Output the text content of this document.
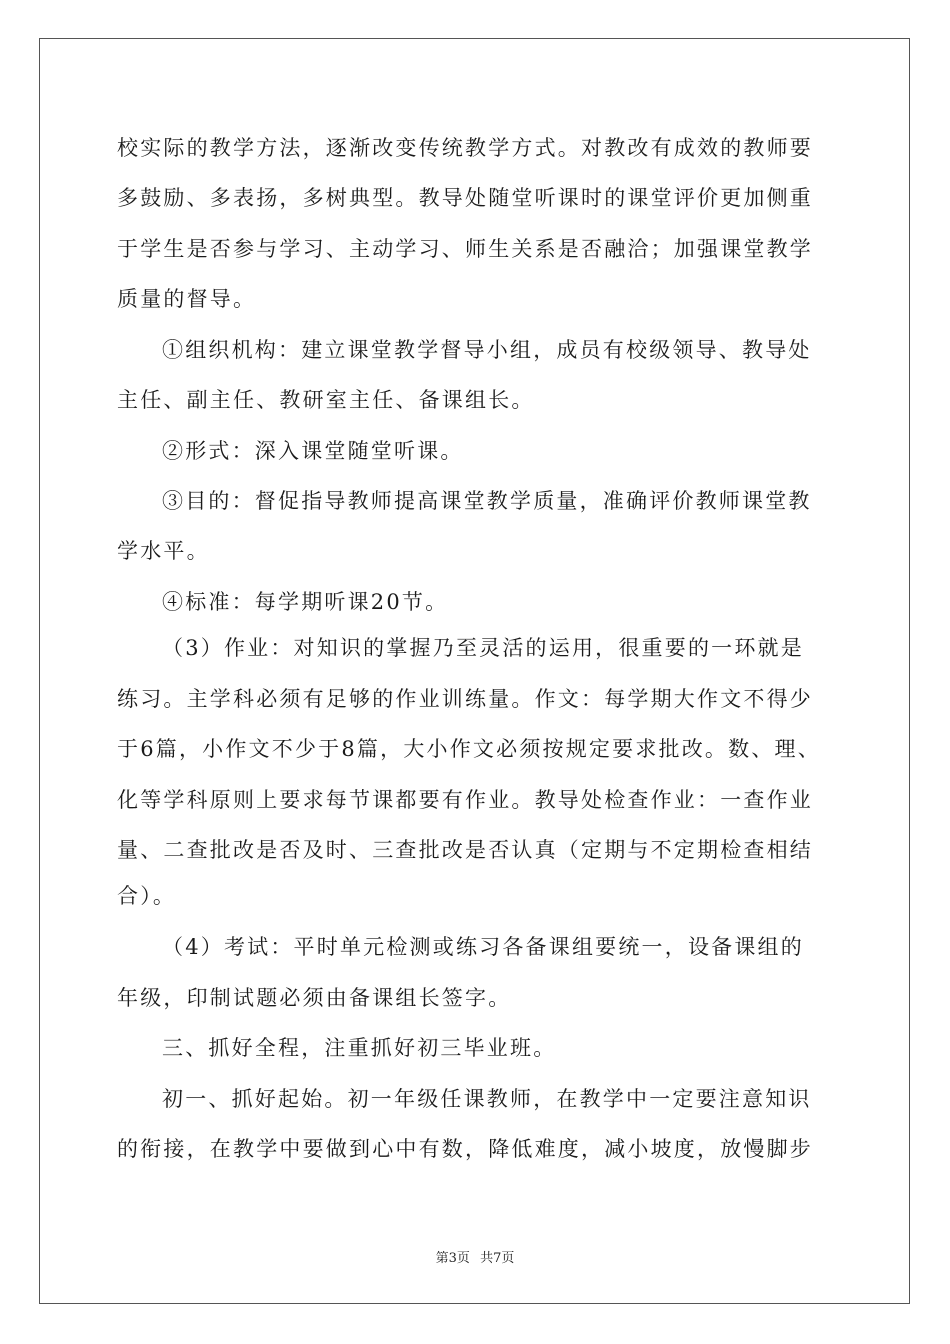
校实际的教学方法，逐渐改变传统教学方式。对教改有成效的教师要
多鼓励、多表扬，多树典型。教导处随堂听课时的课堂评价更加侧重
于学生是否参与学习、主动学习、师生关系是否融洽；加强课堂教学
质量的督导。
①组织机构：建立课堂教学督导小组，成员有校级领导、教导处
主任、副主任、教研室主任、备课组长。
②形式：深入课堂随堂听课。
③目的：督促指导教师提高课堂教学质量，准确评价教师课堂教
学水平。
④标准：每学期听课20节。
（3）作业：对知识的掌握乃至灵活的运用，很重要的一环就是
练习。主学科必须有足够的作业训练量。作文：每学期大作文不得少
于6篇，小作文不少于8篇，大小作文必须按规定要求批改。数、理、
化等学科原则上要求每节课都要有作业。教导处检查作业：一查作业
量、二查批改是否及时、三查批改是否认真（定期与不定期检查相结
合）。
（4）考试：平时单元检测或练习各备课组要统一，设备课组的
年级，印制试题必须由备课组长签字。
三、抓好全程，注重抓好初三毕业班。
初一、抓好起始。初一年级任课教师，在教学中一定要注意知识
的衔接，在教学中要做到心中有数，降低难度，减小坡度，放慢脚步
第3页 共7页
